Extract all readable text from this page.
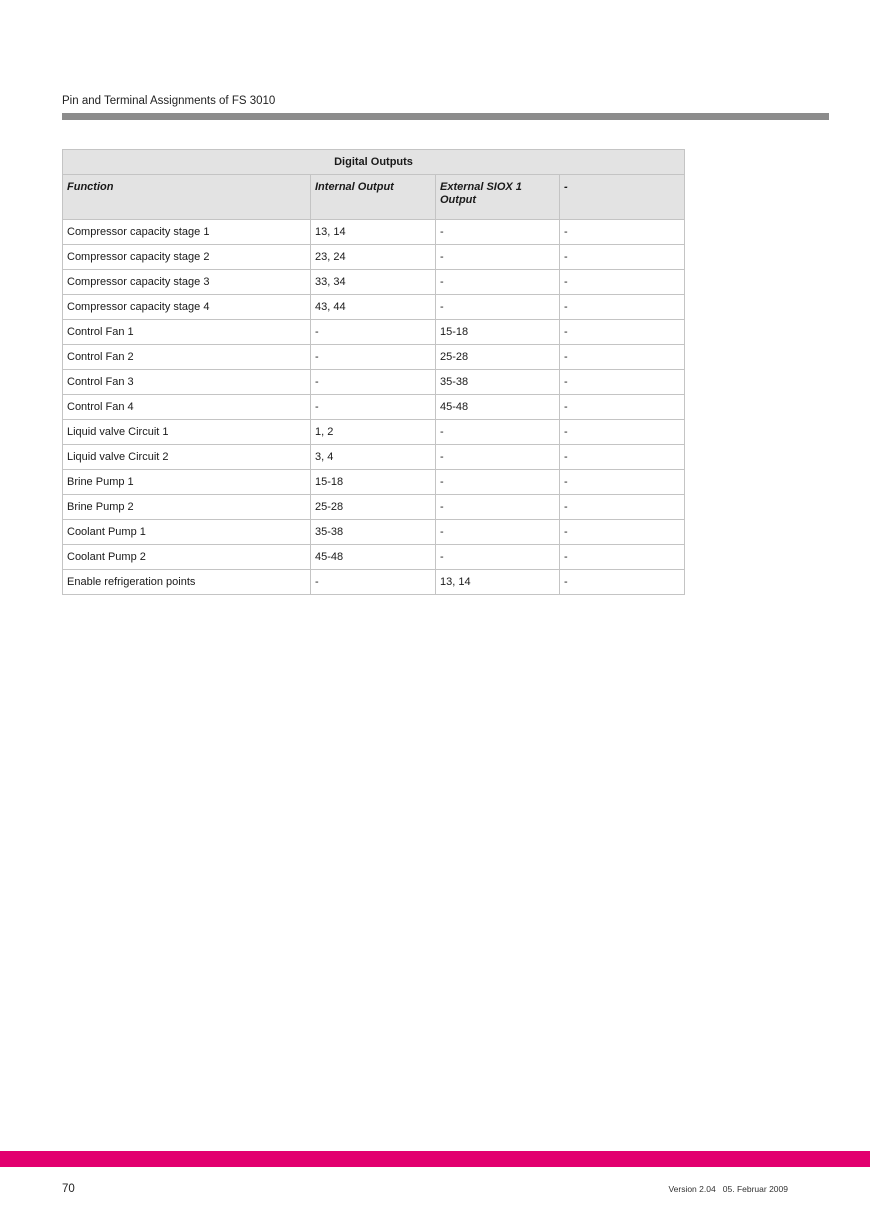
Pin and Terminal Assignments of FS 3010
Digital Outputs			
Function	Internal Output	External SIOX 1 Output	-
Compressor capacity stage 1	13, 14	-	-
Compressor capacity stage 2	23, 24	-	-
Compressor capacity stage 3	33, 34	-	-
Compressor capacity stage 4	43, 44	-	-
Control Fan 1	-	15-18	-
Control Fan 2	-	25-28	-
Control Fan 3	-	35-38	-
Control Fan 4	-	45-48	-
Liquid valve Circuit 1	1, 2	-	-
Liquid valve Circuit 2	3, 4	-	-
Brine Pump 1	15-18	-	-
Brine Pump 2	25-28	-	-
Coolant Pump 1	35-38	-	-
Coolant Pump 2	45-48	-	-
Enable refrigeration points	-	13, 14	-
70	Version 2.04   05. Februar 2009
